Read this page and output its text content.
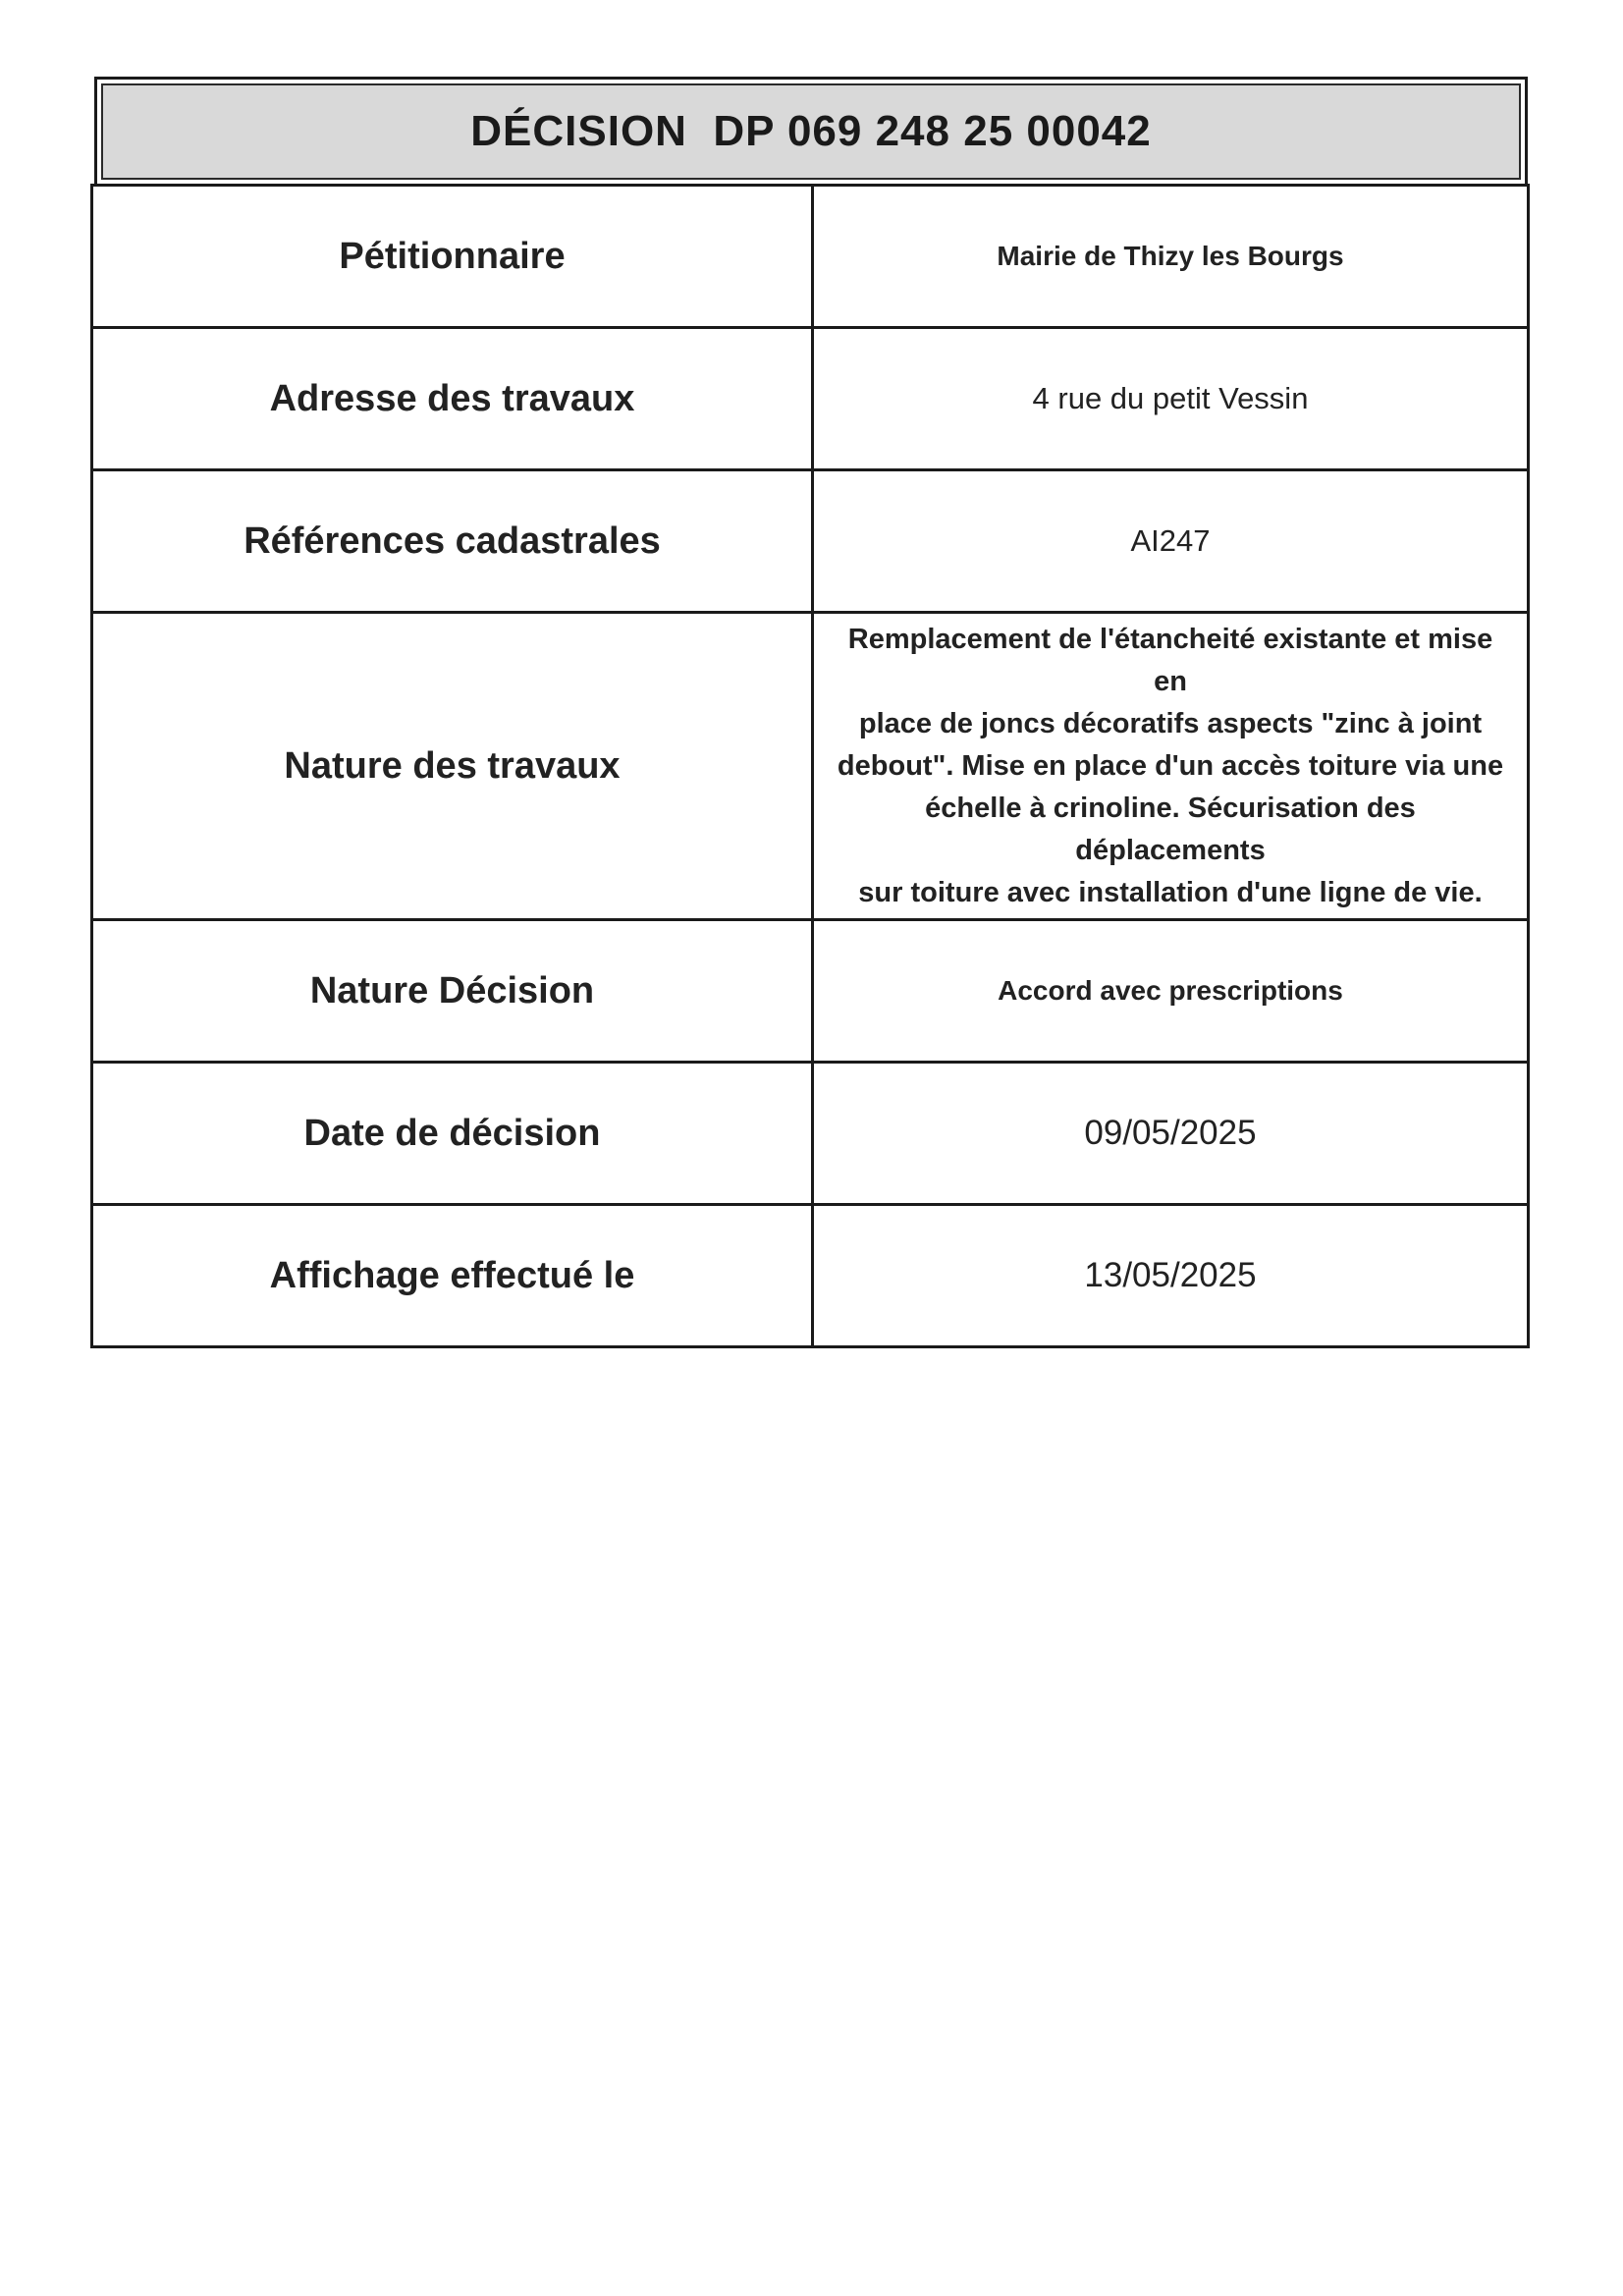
DÉCISION  DP 069 248 25 00042
Pétitionnaire	Mairie de Thizy les Bourgs
Adresse des travaux	4 rue du petit Vessin
Références cadastrales	AI247
Nature des travaux	Remplacement de l'étancheité existante et mise en
place de joncs décoratifs aspects "zinc à joint
debout". Mise en place d'un accès toiture via une
échelle à crinoline. Sécurisation des déplacements
sur toiture avec installation d'une ligne de vie.

Nature Décision	Accord avec prescriptions
Date de décision	09/05/2025
Affichage effectué le	13/05/2025
